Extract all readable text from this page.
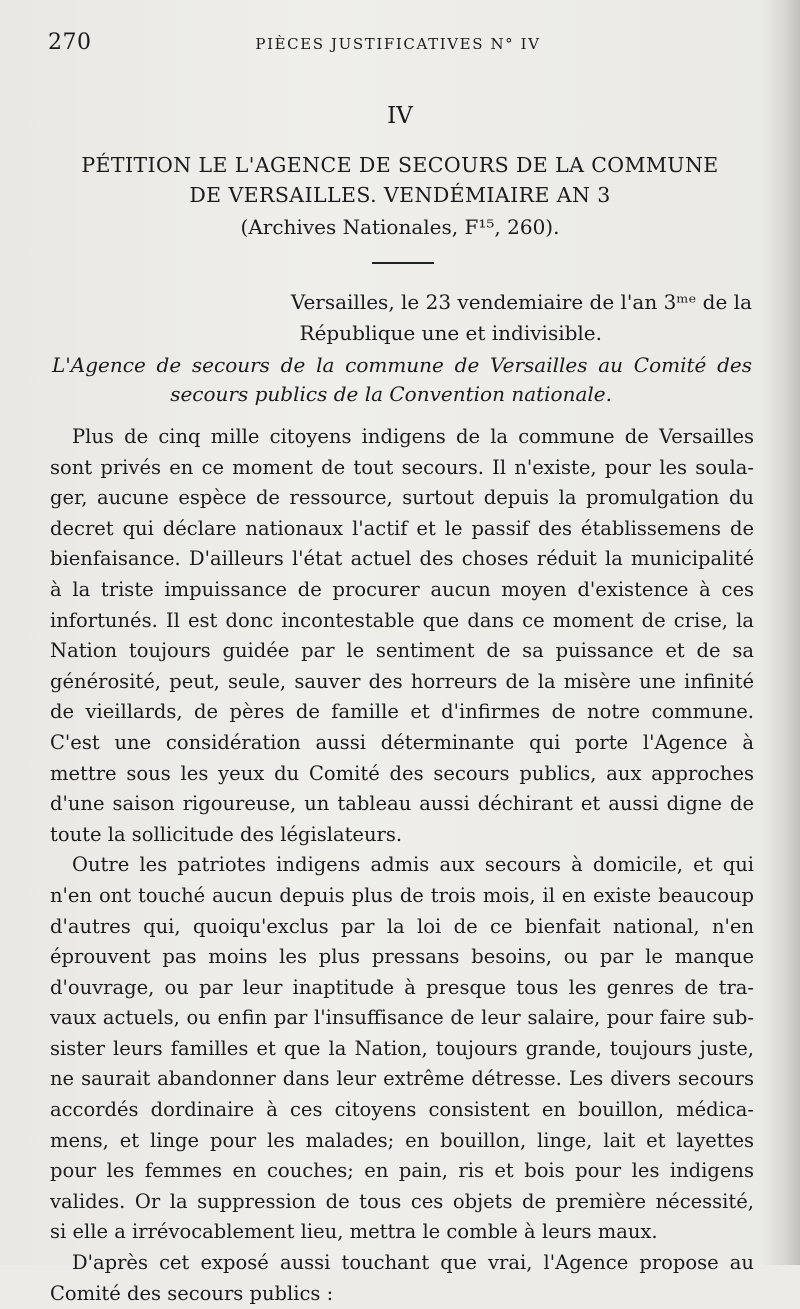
270	PIÈCES JUSTIFICATIVES N° IV
IV
PÉTITION LE L'AGENCE DE SECOURS DE LA COMMUNE
DE VERSAILLES. VENDÉMIAIRE AN 3
(Archives Nationales, F¹⁵, 260).
Versailles, le 23 vendemiaire de l'an 3ᵐᵉ de la
République une et indivisible.
L'Agence de secours de la commune de Versailles au Comité des
secours publics de la Convention nationale.
Plus de cinq mille citoyens indigens de la commune de Versailles
sont privés en ce moment de tout secours. Il n'existe, pour les soula-
ger, aucune espèce de ressource, surtout depuis la promulgation du
decret qui déclare nationaux l'actif et le passif des établissemens de
bienfaisance. D'ailleurs l'état actuel des choses réduit la municipalité
à la triste impuissance de procurer aucun moyen d'existence à ces
infortunés. Il est donc incontestable que dans ce moment de crise, la
Nation toujours guidée par le sentiment de sa puissance et de sa
générosité, peut, seule, sauver des horreurs de la misère une infinité
de vieillards, de pères de famille et d'infirmes de notre commune.
C'est une considération aussi déterminante qui porte l'Agence à
mettre sous les yeux du Comité des secours publics, aux approches
d'une saison rigoureuse, un tableau aussi déchirant et aussi digne de
toute la sollicitude des législateurs.
Outre les patriotes indigens admis aux secours à domicile, et qui
n'en ont touché aucun depuis plus de trois mois, il en existe beaucoup
d'autres qui, quoiqu'exclus par la loi de ce bienfait national, n'en
éprouvent pas moins les plus pressans besoins, ou par le manque
d'ouvrage, ou par leur inaptitude à presque tous les genres de tra-
vaux actuels, ou enfin par l'insuffisance de leur salaire, pour faire sub-
sister leurs familles et que la Nation, toujours grande, toujours juste,
ne saurait abandonner dans leur extrême détresse. Les divers secours
accordés dordinaire à ces citoyens consistent en bouillon, médica-
mens, et linge pour les malades; en bouillon, linge, lait et layettes
pour les femmes en couches; en pain, ris et bois pour les indigens
valides. Or la suppression de tous ces objets de première nécessité,
si elle a irrévocablement lieu, mettra le comble à leurs maux.
D'après cet exposé aussi touchant que vrai, l'Agence propose au
Comité des secours publics :
